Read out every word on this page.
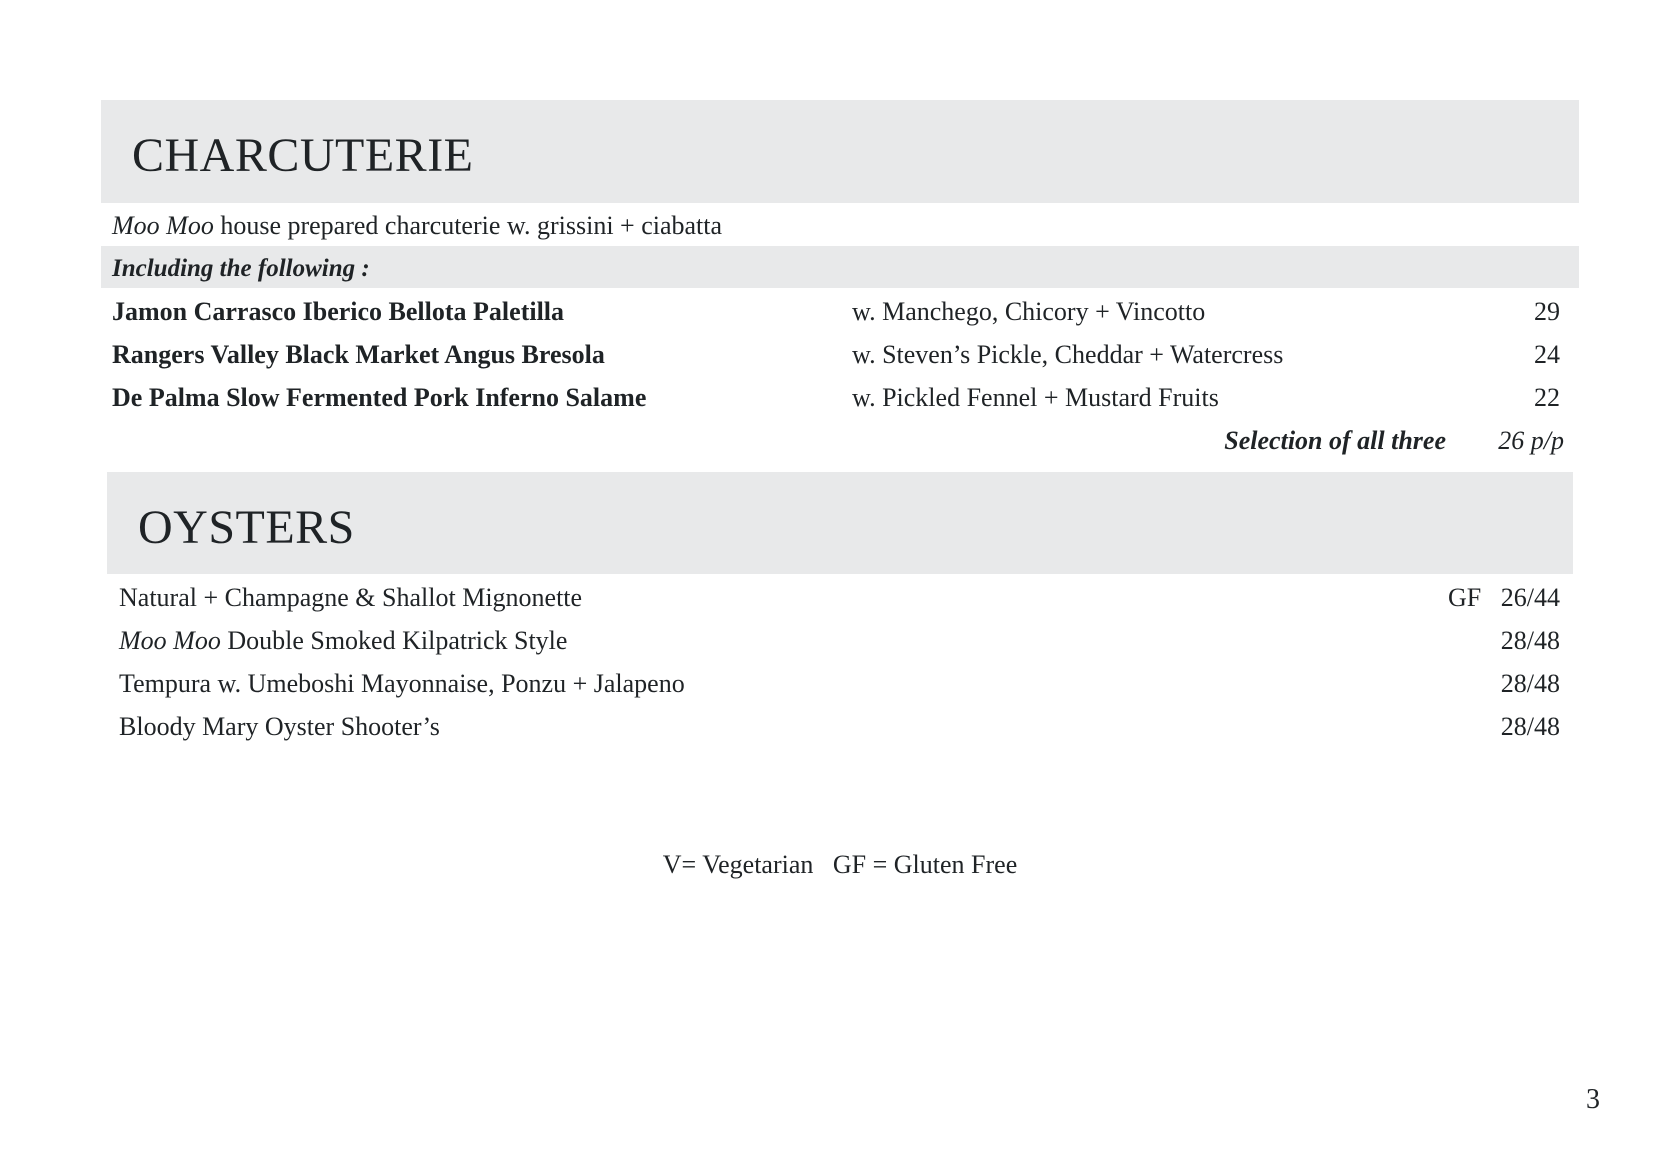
CHARCUTERIE
Moo Moo house prepared charcuterie w. grissini + ciabatta
Including the following :
Jamon Carrasco Iberico Bellota Paletilla	w. Manchego, Chicory + Vincotto	29
Rangers Valley Black Market Angus Bresola	w. Steven’s Pickle, Cheddar + Watercress	24
De Palma Slow Fermented Pork Inferno Salame	w. Pickled Fennel + Mustard Fruits	22
Selection of all three	26 p/p
OYSTERS
Natural + Champagne & Shallot Mignonette	GF 26/44
Moo Moo Double Smoked Kilpatrick Style	28/48
Tempura w. Umeboshi Mayonnaise, Ponzu + Jalapeno	28/48
Bloody Mary Oyster Shooter’s	28/48
V= Vegetarian   GF = Gluten Free
3
